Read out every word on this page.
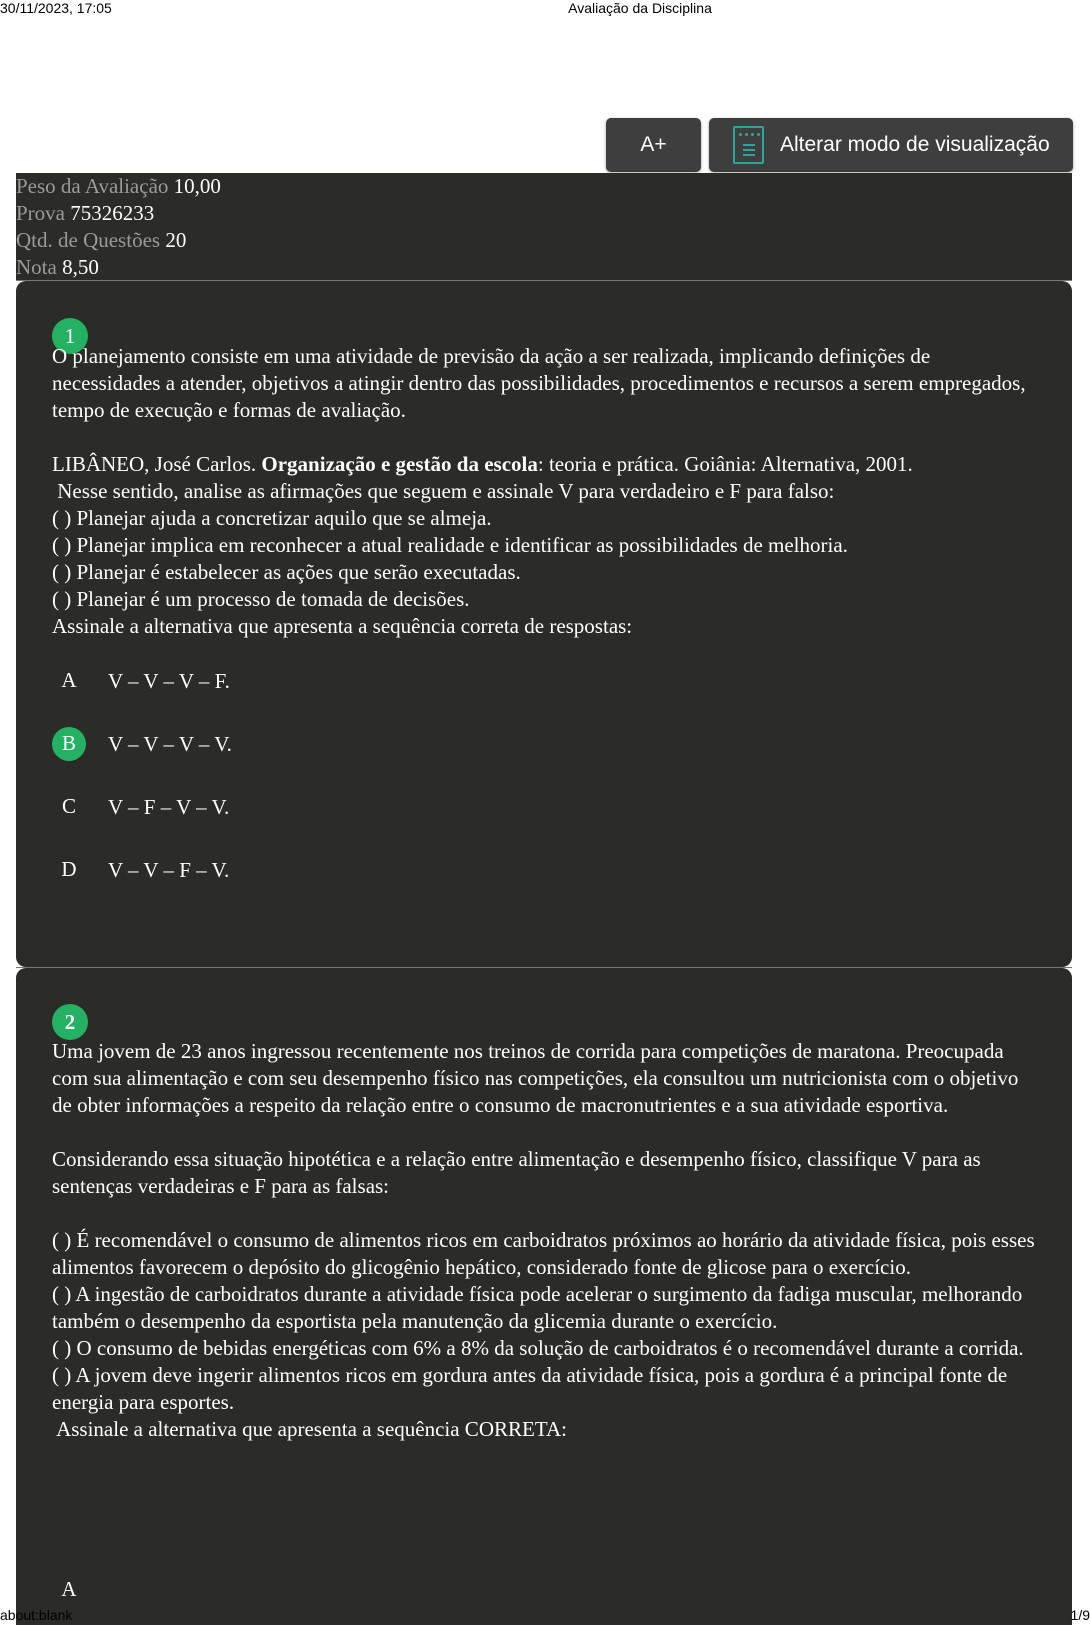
30/11/2023, 17:05	Avaliação da Disciplina
A+	Alterar modo de visualização
Peso da Avaliação 10,00
Prova 75326233
Qtd. de Questões 20
Nota 8,50
1

O planejamento consiste em uma atividade de previsão da ação a ser realizada, implicando definições de necessidades a atender, objetivos a atingir dentro das possibilidades, procedimentos e recursos a serem empregados, tempo de execução e formas de avaliação.

LIBÂNEO, José Carlos. Organização e gestão da escola: teoria e prática. Goiânia: Alternativa, 2001.

Nesse sentido, analise as afirmações que seguem e assinale V para verdadeiro e F para falso:

( ) Planejar ajuda a concretizar aquilo que se almeja.

( ) Planejar implica em reconhecer a atual realidade e identificar as possibilidades de melhoria.

( ) Planejar é estabelecer as ações que serão executadas.

( ) Planejar é um processo de tomada de decisões.

Assinale a alternativa que apresenta a sequência correta de respostas:

A	V – V – V – F.
B	V – V – V – V.
C	V – F – V – V.
D	V – V – F – V.
2

Uma jovem de 23 anos ingressou recentemente nos treinos de corrida para competições de maratona. Preocupada com sua alimentação e com seu desempenho físico nas competições, ela consultou um nutricionista com o objetivo de obter informações a respeito da relação entre o consumo de macronutrientes e a sua atividade esportiva.

Considerando essa situação hipotética e a relação entre alimentação e desempenho físico, classifique V para as sentenças verdadeiras e F para as falsas:

( ) É recomendável o consumo de alimentos ricos em carboidratos próximos ao horário da atividade física, pois esses alimentos favorecem o depósito do glicogênio hepático, considerado fonte de glicose para o exercício.

( ) A ingestão de carboidratos durante a atividade física pode acelerar o surgimento da fadiga muscular, melhorando também o desempenho da esportista pela manutenção da glicemia durante o exercício.

( ) O consumo de bebidas energéticas com 6% a 8% da solução de carboidratos é o recomendável durante a corrida.

( ) A jovem deve ingerir alimentos ricos em gordura antes da atividade física, pois a gordura é a principal fonte de energia para esportes.

Assinale a alternativa que apresenta a sequência CORRETA:

A
about:blank	1/9
